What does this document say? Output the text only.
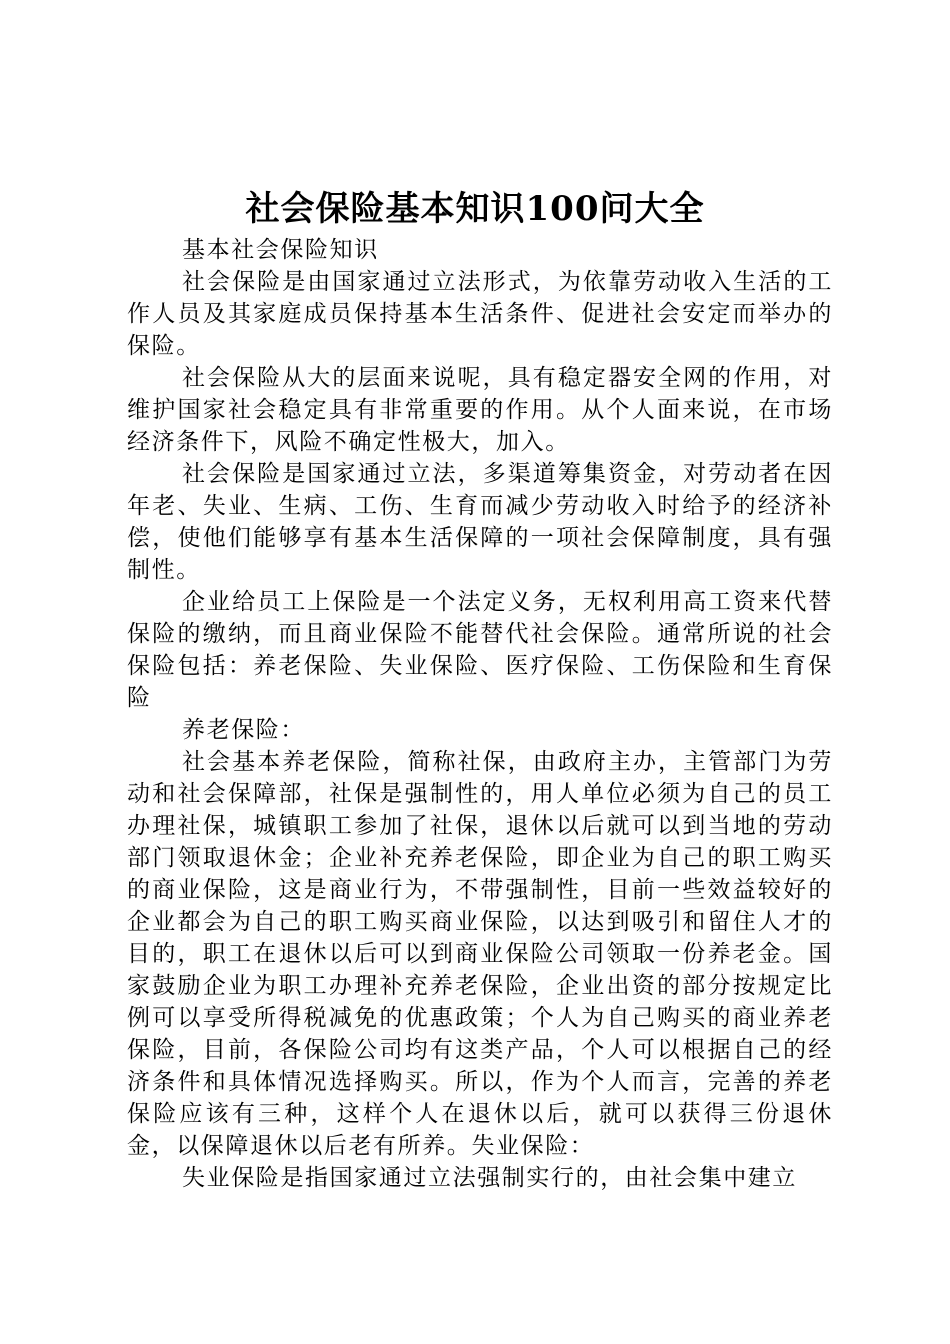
社会保险基本知识100问大全

基本社会保险知识

社会保险是由国家通过立法形式，为依靠劳动收入生活的工作人员及其家庭成员保持基本生活条件、促进社会安定而举办的保险。

社会保险从大的层面来说呢，具有稳定器安全网的作用，对维护国家社会稳定具有非常重要的作用。从个人面来说，在市场经济条件下，风险不确定性极大，加入。

社会保险是国家通过立法，多渠道筹集资金，对劳动者在因年老、失业、生病、工伤、生育而减少劳动收入时给予的经济补偿，使他们能够享有基本生活保障的一项社会保障制度，具有强制性。

企业给员工上保险是一个法定义务，无权利用高工资来代替保险的缴纳，而且商业保险不能替代社会保险。通常所说的社会保险包括：养老保险、失业保险、医疗保险、工伤保险和生育保险

养老保险：

社会基本养老保险，简称社保，由政府主办，主管部门为劳动和社会保障部，社保是强制性的，用人单位必须为自己的员工办理社保，城镇职工参加了社保，退休以后就可以到当地的劳动部门领取退休金；企业补充养老保险，即企业为自己的职工购买的商业保险，这是商业行为，不带强制性，目前一些效益较好的企业都会为自己的职工购买商业保险，以达到吸引和留住人才的目的，职工在退休以后可以到商业保险公司领取一份养老金。国家鼓励企业为职工办理补充养老保险，企业出资的部分按规定比例可以享受所得税减免的优惠政策；个人为自己购买的商业养老保险，目前，各保险公司均有这类产品，个人可以根据自己的经济条件和具体情况选择购买。所以，作为个人而言，完善的养老保险应该有三种，这样个人在退休以后，就可以获得三份退休金，以保障退休以后老有所养。失业保险：

失业保险是指国家通过立法强制实行的，由社会集中建立
